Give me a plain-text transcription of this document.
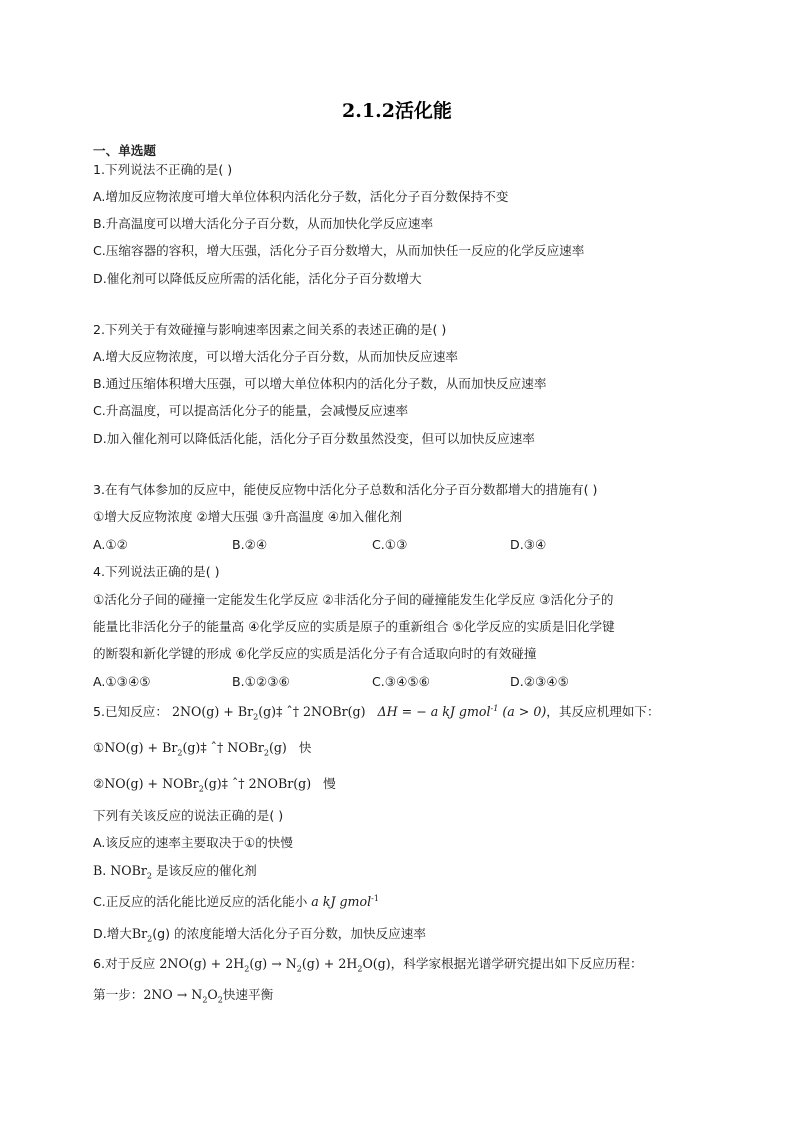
2.1.2活化能
一、单选题
1.下列说法不正确的是( )
A.增加反应物浓度可增大单位体积内活化分子数，活化分子百分数保持不变
B.升高温度可以增大活化分子百分数，从而加快化学反应速率
C.压缩容器的容积，增大压强，活化分子百分数增大，从而加快任一反应的化学反应速率
D.催化剂可以降低反应所需的活化能，活化分子百分数增大
2.下列关于有效碰撞与影响速率因素之间关系的表述正确的是( )
A.增大反应物浓度，可以增大活化分子百分数，从而加快反应速率
B.通过压缩体积增大压强，可以增大单位体积内的活化分子数，从而加快反应速率
C.升高温度，可以提高活化分子的能量，会减慢反应速率
D.加入催化剂可以降低活化能，活化分子百分数虽然没变，但可以加快反应速率
3.在有气体参加的反应中，能使反应物中活化分子总数和活化分子百分数都增大的措施有( )
①增大反应物浓度 ②增大压强 ③升高温度 ④加入催化剂
A.①②	B.②④	C.①③	D.③④
4.下列说法正确的是( )
①活化分子间的碰撞一定能发生化学反应 ②非活化分子间的碰撞能发生化学反应 ③活化分子的
能量比非活化分子的能量高 ④化学反应的实质是原子的重新组合 ⑤化学反应的实质是旧化学键
的断裂和新化学键的形成 ⑥化学反应的实质是活化分子有合适取向时的有效碰撞
A.①③④⑤	B.①②③⑥	C.③④⑤⑥	D.②③④⑤
5.已知反应： $2NO(g) + Br_2(g)\ddagger$ ˆ† 2NOBr(g) ΔH = − a kJ gmol$^{-1}$ (a > 0)，其反应机理如下：
①NO(g) + $Br_2(g)\ddagger$ ˆ† NOBr$_2$(g) 快
②NO(g) + NOBr$_2$(g)‡ ˆ† 2NOBr(g) 慢
下列有关该反应的说法正确的是( )
A.该反应的速率主要取决于①的快慢
B. NOBr$_2$ 是该反应的催化剂
C.正反应的活化能比逆反应的活化能小 a kJ gmol$^{-1}$
D.增大$Br_2(g)$ 的浓度能增大活化分子百分数，加快反应速率
6.对于反应 $2NO(g) + 2H_2(g) \to N_2(g) + 2H_2O(g)$，科学家根据光谱学研究提出如下反应历程：
第一步：$2NO \to N_2O_2$快速平衡
